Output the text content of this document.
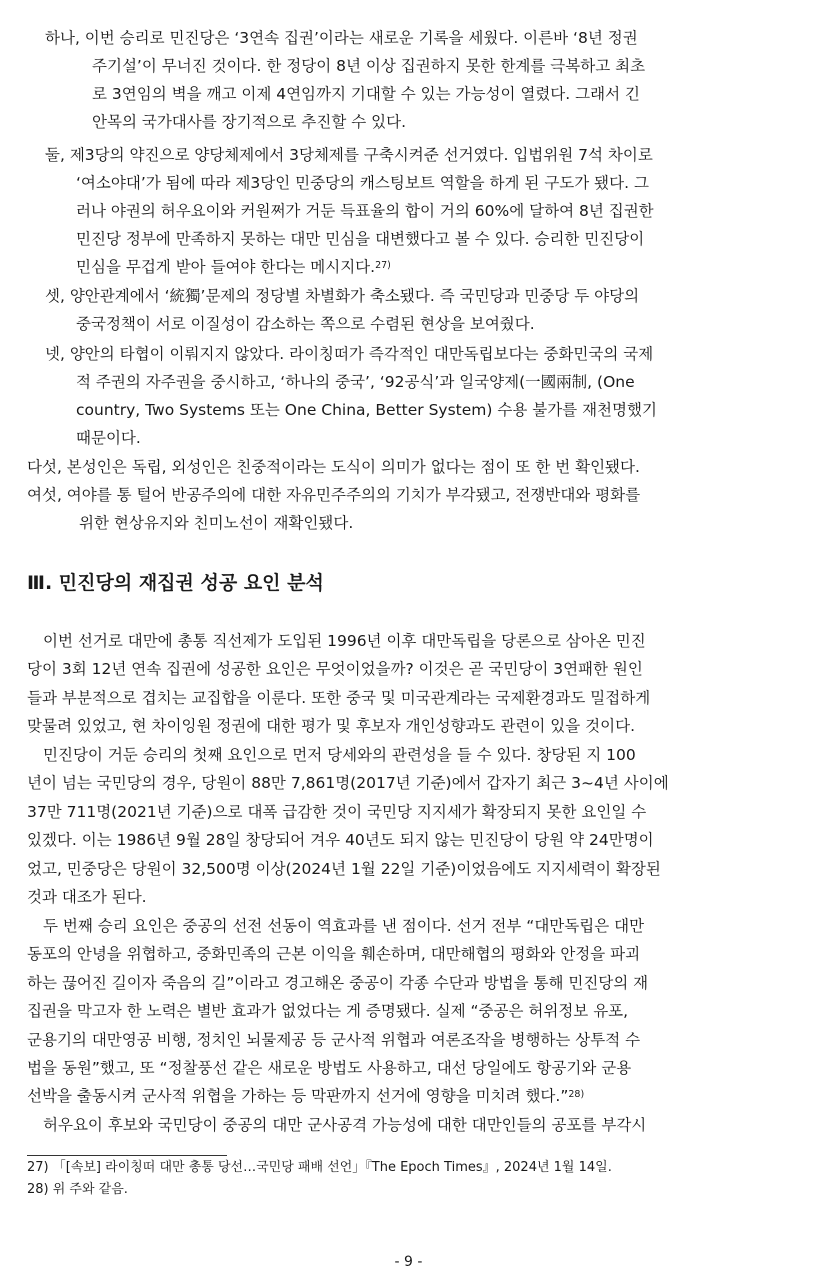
하나, 이번 승리로 민진당은 ‘3연속 집권’이라는 새로운 기록을 세웠다. 이른바 ‘8년 정권
주기설’이 무너진 것이다. 한 정당이 8년 이상 집권하지 못한 한계를 극복하고 최초
로 3연임의 벽을 깨고 이제 4연임까지 기대할 수 있는 가능성이 열렸다. 그래서 긴
안목의 국가대사를 장기적으로 추진할 수 있다.

둘, 제3당의 약진으로 양당체제에서 3당체제를 구축시켜준 선거였다. 입법위원 7석 차이로
‘여소야대’가 됨에 따라 제3당인 민중당의 캐스팅보트 역할을 하게 된 구도가 됐다. 그
러나 야권의 허우요이와 커원쩌가 거둔 득표율의 합이 거의 60%에 달하여 8년 집권한
민진당 정부에 만족하지 못하는 대만 민심을 대변했다고 볼 수 있다. 승리한 민진당이
민심을 무겁게 받아 들여야 한다는 메시지다.$^{27)}$

셋, 양안관계에서 ‘統獨’문제의 정당별 차별화가 축소됐다. 즉 국민당과 민중당 두 야당의
중국정책이 서로 이질성이 감소하는 쪽으로 수렴된 현상을 보여줬다.

넷, 양안의 타협이 이뤄지지 않았다. 라이칭떠가 즉각적인 대만독립보다는 중화민국의 국제
적 주권의 자주권을 중시하고, ‘하나의 중국’, ‘92공식’과 일국양제(一國兩制, (One
country, Two Systems 또는 One China, Better System) 수용 불가를 재천명했기
때문이다.

다섯, 본성인은 독립, 외성인은 친중적이라는 도식이 의미가 없다는 점이 또 한 번 확인됐다.

여섯, 여야를 통 털어 반공주의에 대한 자유민주주의의 기치가 부각됐고, 전쟁반대와 평화를
위한 현상유지와 친미노선이 재확인됐다.

Ⅲ. 민진당의 재집권 성공 요인 분석

이번 선거로 대만에 총통 직선제가 도입된 1996년 이후 대만독립을 당론으로 삼아온 민진
당이 3회 12년 연속 집권에 성공한 요인은 무엇이었을까? 이것은 곧 국민당이 3연패한 원인
들과 부분적으로 겹치는 교집합을 이룬다. 또한 중국 및 미국관계라는 국제환경과도 밀접하게
맞물려 있었고, 현 차이잉원 정권에 대한 평가 및 후보자 개인성향과도 관련이 있을 것이다.

민진당이 거둔 승리의 첫째 요인으로 먼저 당세와의 관련성을 들 수 있다. 창당된 지 100
년이 넘는 국민당의 경우, 당원이 88만 7,861명(2017년 기준)에서 갑자기 최근 3~4년 사이에
37만 711명(2021년 기준)으로 대폭 급감한 것이 국민당 지지세가 확장되지 못한 요인일 수
있겠다. 이는 1986년 9월 28일 창당되어 겨우 40년도 되지 않는 민진당이 당원 약 24만명이
었고, 민중당은 당원이 32,500명 이상(2024년 1월 22일 기준)이었음에도 지지세력이 확장된
것과 대조가 된다.

두 번째 승리 요인은 중공의 선전 선동이 역효과를 낸 점이다. 선거 전부 “대만독립은 대만
동포의 안녕을 위협하고, 중화민족의 근본 이익을 훼손하며, 대만해협의 평화와 안정을 파괴
하는 끊어진 길이자 죽음의 길”이라고 경고해온 중공이 각종 수단과 방법을 통해 민진당의 재
집권을 막고자 한 노력은 별반 효과가 없었다는 게 증명됐다. 실제 “중공은 허위정보 유포,
군용기의 대만영공 비행, 정치인 뇌물제공 등 군사적 위협과 여론조작을 병행하는 상투적 수
법을 동원”했고, 또 “정찰풍선 같은 새로운 방법도 사용하고, 대선 당일에도 항공기와 군용
선박을 출동시켜 군사적 위협을 가하는 등 막판까지 선거에 영향을 미치려 했다.”$^{28)}$

허우요이 후보와 국민당이 중공의 대만 군사공격 가능성에 대한 대만인들의 공포를 부각시

27) 「[속보] 라이칭떠 대만 총통 당선…국민당 패배 선언」『The Epoch Times』, 2024년 1월 14일.

28) 위 주와 같음.

- 9 -
